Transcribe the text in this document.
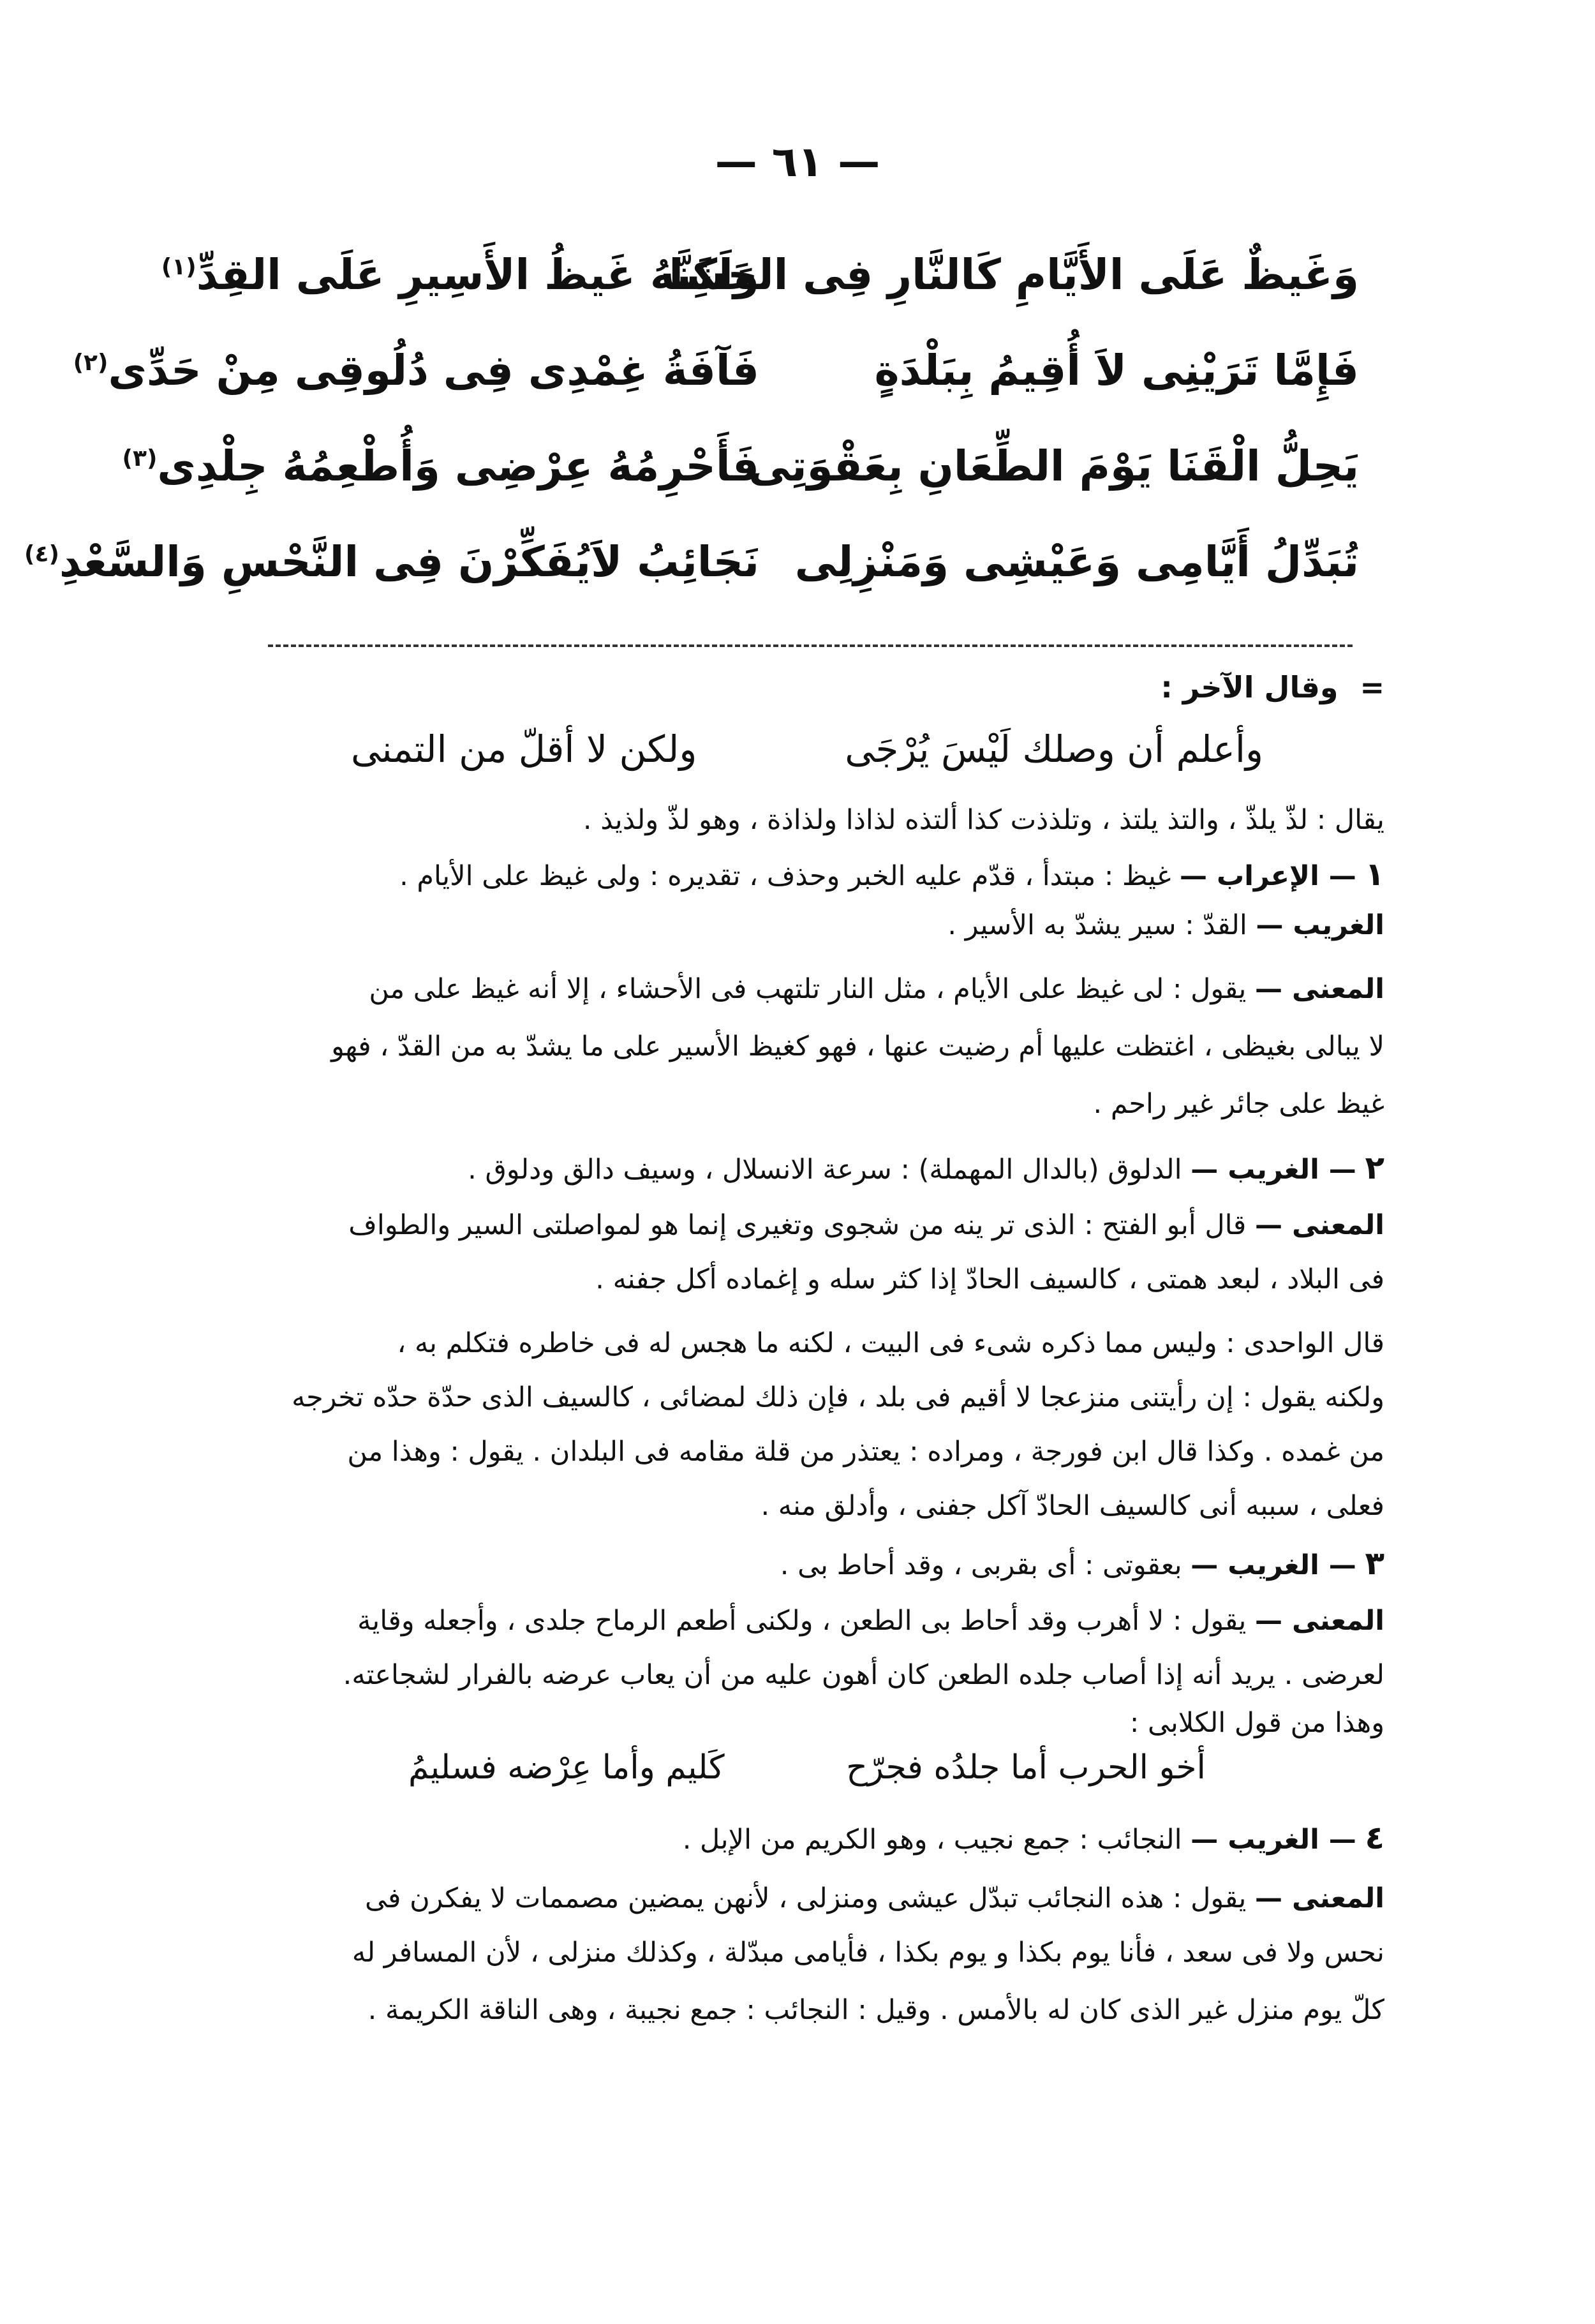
— ٦١ —
وَغَيظٌ عَلَى الأَيَّامِ كَالنَّارِ فِى الحَشَا
وَلَكِنَّهُ غَيظُ الأَسِيرِ عَلَى القِدِّ$^{(١)}$
فَإِمَّا تَرَيْنِى لاَ أُقِيمُ بِبَلْدَةٍ
فَآفَةُ غِمْدِى فِى دُلُوقِى مِنْ حَدِّى$^{(٢)}$
يَحِلُّ الْقَنَا يَوْمَ الطِّعَانِ بِعَقْوَتِى
فَأَحْرِمُهُ عِرْضِى وَأُطْعِمُهُ جِلْدِى$^{(٣)}$
تُبَدِّلُ أَيَّامِى وَعَيْشِى وَمَنْزِلِى
نَجَائِبُ لاَيُفَكِّرْنَ فِى النَّحْسِ وَالسَّعْدِ$^{(٤)}$
= وقال الآخر :
وأعلم أن وصلك لَيْسَ يُرْجَى
ولكن لا أقلّ من التمنى
يقال : لذّ يلذّ ، والتذ يلتذ ، وتلذذت كذا ألتذه لذاذا ولذاذة ، وهو لذّ ولذيذ .
١ — الإعراب — غيظ : مبتدأ ، قدّم عليه الخبر وحذف ، تقديره : ولى غيظ على الأيام .
الغريب — القدّ : سير يشدّ به الأسير .
المعنى — يقول : لى غيظ على الأيام ، مثل النار تلتهب فى الأحشاء ، إلا أنه غيظ على من
لا يبالى بغيظى ، اغتظت عليها أم رضيت عنها ، فهو كغيظ الأسير على ما يشدّ به من القدّ ، فهو
غيظ على جائر غير راحم .
٢ — الغريب — الدلوق (بالدال المهملة) : سرعة الانسلال ، وسيف دالق ودلوق .
المعنى — قال أبو الفتح : الذى تر ينه من شجوى وتغيرى إنما هو لمواصلتى السير والطواف
فى البلاد ، لبعد همتى ، كالسيف الحادّ إذا كثر سله و إغماده أكل جفنه .
قال الواحدى : وليس مما ذكره شىء فى البيت ، لكنه ما هجس له فى خاطره فتكلم به ،
ولكنه يقول : إن رأيتنى منزعجا لا أقيم فى بلد ، فإن ذلك لمضائى ، كالسيف الذى حدّة حدّه تخرجه
من غمده . وكذا قال ابن فورجة ، ومراده : يعتذر من قلة مقامه فى البلدان . يقول : وهذا من
فعلى ، سببه أنى كالسيف الحادّ آكل جفنى ، وأدلق منه .
٣ — الغريب — بعقوتى : أى بقربى ، وقد أحاط بى .
المعنى — يقول : لا أهرب وقد أحاط بى الطعن ، ولكنى أطعم الرماح جلدى ، وأجعله وقاية
لعرضى . يريد أنه إذا أصاب جلده الطعن كان أهون عليه من أن يعاب عرضه بالفرار لشجاعته.
وهذا من قول الكلابى :
أخو الحرب أما جلدُه فجرّح
كَليم وأما عِرْضه فسليمُ
٤ — الغريب — النجائب : جمع نجيب ، وهو الكريم من الإبل .
المعنى — يقول : هذه النجائب تبدّل عيشى ومنزلى ، لأنهن يمضين مصممات لا يفكرن فى
نحس ولا فى سعد ، فأنا يوم بكذا و يوم بكذا ، فأيامى مبدّلة ، وكذلك منزلى ، لأن المسافر له
كلّ يوم منزل غير الذى كان له بالأمس . وقيل : النجائب : جمع نجيبة ، وهى الناقة الكريمة .
